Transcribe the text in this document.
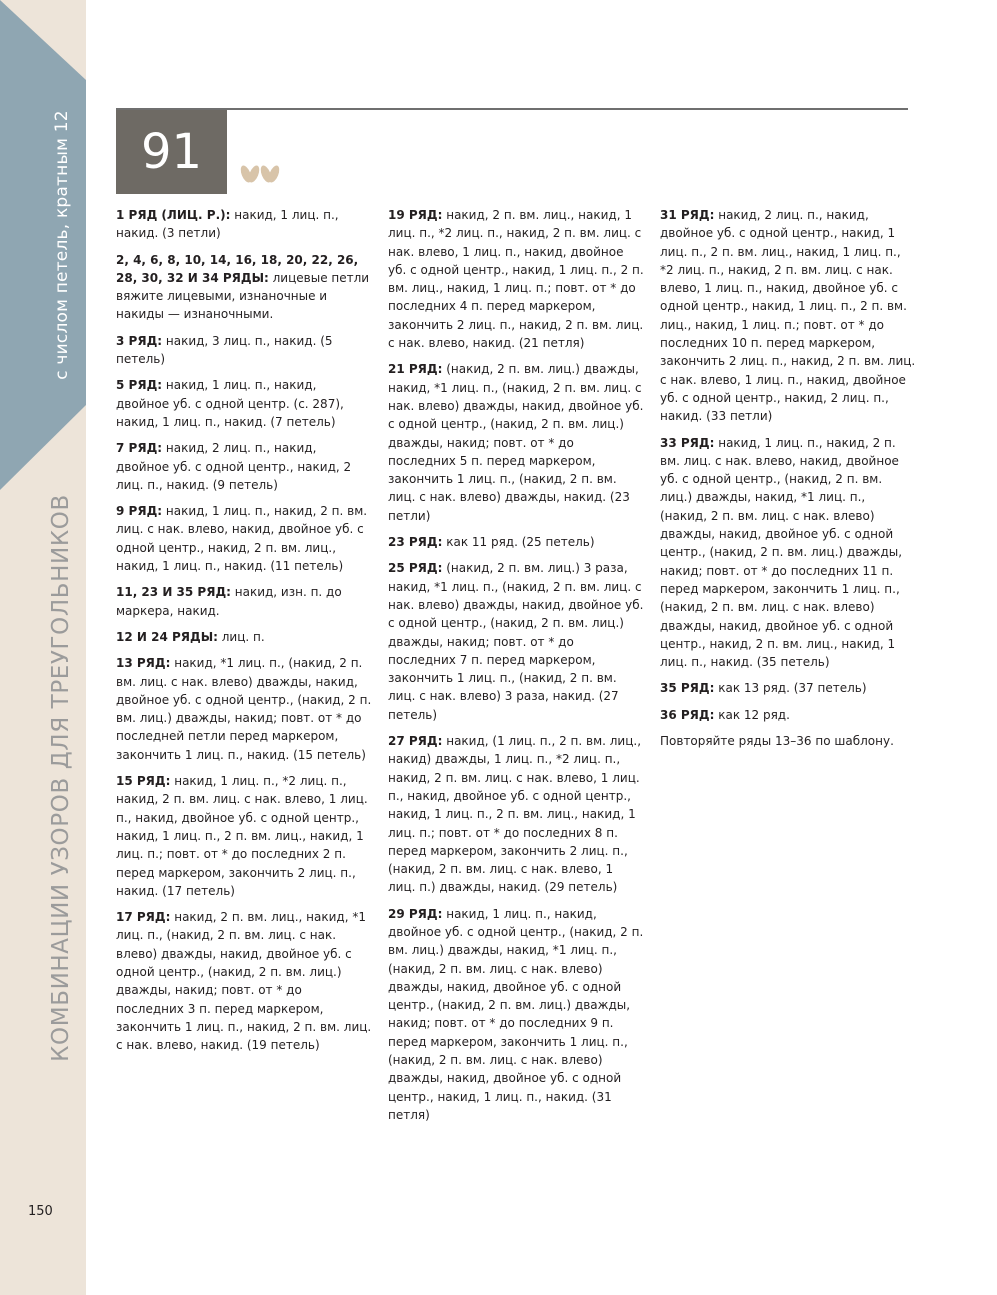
с числом петель, кратным 12
КОМБИНАЦИИ УЗОРОВ ДЛЯ ТРЕУГОЛЬНИКОВ
150
91

1 РЯД (ЛИЦ. Р.): накид, 1 лиц. п., накид. (3 петли)

2, 4, 6, 8, 10, 14, 16, 18, 20, 22, 26, 28, 30, 32 И 34 РЯДЫ: лицевые петли вяжите лицевыми, изнаночные и накиды — изнаночными.

3 РЯД: накид, 3 лиц. п., накид. (5 петель)

5 РЯД: накид, 1 лиц. п., накид, двойное уб. с одной центр. (с. 287), накид, 1 лиц. п., накид. (7 петель)

7 РЯД: накид, 2 лиц. п., накид, двойное уб. с одной центр., накид, 2 лиц. п., накид. (9 петель)

9 РЯД: накид, 1 лиц. п., накид, 2 п. вм. лиц. с нак. влево, накид, двойное уб. с одной центр., накид, 2 п. вм. лиц., накид, 1 лиц. п., накид. (11 петель)

11, 23 И 35 РЯД: накид, изн. п. до маркера, накид.

12 И 24 РЯДЫ: лиц. п.

13 РЯД: накид, *1 лиц. п., (накид, 2 п. вм. лиц. с нак. влево) дважды, накид, двойное уб. с одной центр., (накид, 2 п. вм. лиц.) дважды, накид; повт. от * до последней петли перед маркером, закончить 1 лиц. п., накид. (15 петель)

15 РЯД: накид, 1 лиц. п., *2 лиц. п., накид, 2 п. вм. лиц. с нак. влево, 1 лиц. п., накид, двойное уб. с одной центр., накид, 1 лиц. п., 2 п. вм. лиц., накид, 1 лиц. п.; повт. от * до последних 2 п. перед маркером, закончить 2 лиц. п., накид. (17 петель)

17 РЯД: накид, 2 п. вм. лиц., накид, *1 лиц. п., (накид, 2 п. вм. лиц. с нак. влево) дважды, накид, двойное уб. с одной центр., (накид, 2 п. вм. лиц.) дважды, накид; повт. от * до последних 3 п. перед маркером, закончить 1 лиц. п., накид, 2 п. вм. лиц. с нак. влево, накид. (19 петель)

19 РЯД: накид, 2 п. вм. лиц., накид, 1 лиц. п., *2 лиц. п., накид, 2 п. вм. лиц. с нак. влево, 1 лиц. п., накид, двойное уб. с одной центр., накид, 1 лиц. п., 2 п. вм. лиц., накид, 1 лиц. п.; повт. от * до последних 4 п. перед маркером, закончить 2 лиц. п., накид, 2 п. вм. лиц. с нак. влево, накид. (21 петля)

21 РЯД: (накид, 2 п. вм. лиц.) дважды, накид, *1 лиц. п., (накид, 2 п. вм. лиц. с нак. влево) дважды, накид, двойное уб. с одной центр., (накид, 2 п. вм. лиц.) дважды, накид; повт. от * до последних 5 п. перед маркером, закончить 1 лиц. п., (накид, 2 п. вм. лиц. с нак. влево) дважды, накид. (23 петли)

23 РЯД: как 11 ряд. (25 петель)

25 РЯД: (накид, 2 п. вм. лиц.) 3 раза, накид, *1 лиц. п., (накид, 2 п. вм. лиц. с нак. влево) дважды, накид, двойное уб. с одной центр., (накид, 2 п. вм. лиц.) дважды, накид; повт. от * до последних 7 п. перед маркером, закончить 1 лиц. п., (накид, 2 п. вм. лиц. с нак. влево) 3 раза, накид. (27 петель)

27 РЯД: накид, (1 лиц. п., 2 п. вм. лиц., накид) дважды, 1 лиц. п., *2 лиц. п., накид, 2 п. вм. лиц. с нак. влево, 1 лиц. п., накид, двойное уб. с одной центр., накид, 1 лиц. п., 2 п. вм. лиц., накид, 1 лиц. п.; повт. от * до последних 8 п. перед маркером, закончить 2 лиц. п., (накид, 2 п. вм. лиц. с нак. влево, 1 лиц. п.) дважды, накид. (29 петель)

29 РЯД: накид, 1 лиц. п., накид, двойное уб. с одной центр., (накид, 2 п. вм. лиц.) дважды, накид, *1 лиц. п., (накид, 2 п. вм. лиц. с нак. влево) дважды, накид, двойное уб. с одной центр., (накид, 2 п. вм. лиц.) дважды, накид; повт. от * до последних 9 п. перед маркером, закончить 1 лиц. п., (накид, 2 п. вм. лиц. с нак. влево) дважды, накид, двойное уб. с одной центр., накид, 1 лиц. п., накид. (31 петля)

31 РЯД: накид, 2 лиц. п., накид, двойное уб. с одной центр., накид, 1 лиц. п., 2 п. вм. лиц., накид, 1 лиц. п., *2 лиц. п., накид, 2 п. вм. лиц. с нак. влево, 1 лиц. п., накид, двойное уб. с одной центр., накид, 1 лиц. п., 2 п. вм. лиц., накид, 1 лиц. п.; повт. от * до последних 10 п. перед маркером, закончить 2 лиц. п., накид, 2 п. вм. лиц. с нак. влево, 1 лиц. п., накид, двойное уб. с одной центр., накид, 2 лиц. п., накид. (33 петли)

33 РЯД: накид, 1 лиц. п., накид, 2 п. вм. лиц. с нак. влево, накид, двойное уб. с одной центр., (накид, 2 п. вм. лиц.) дважды, накид, *1 лиц. п., (накид, 2 п. вм. лиц. с нак. влево) дважды, накид, двойное уб. с одной центр., (накид, 2 п. вм. лиц.) дважды, накид; повт. от * до последних 11 п. перед маркером, закончить 1 лиц. п., (накид, 2 п. вм. лиц. с нак. влево) дважды, накид, двойное уб. с одной центр., накид, 2 п. вм. лиц., накид, 1 лиц. п., накид. (35 петель)

35 РЯД: как 13 ряд. (37 петель)

36 РЯД: как 12 ряд.

Повторяйте ряды 13–36 по шаблону.
